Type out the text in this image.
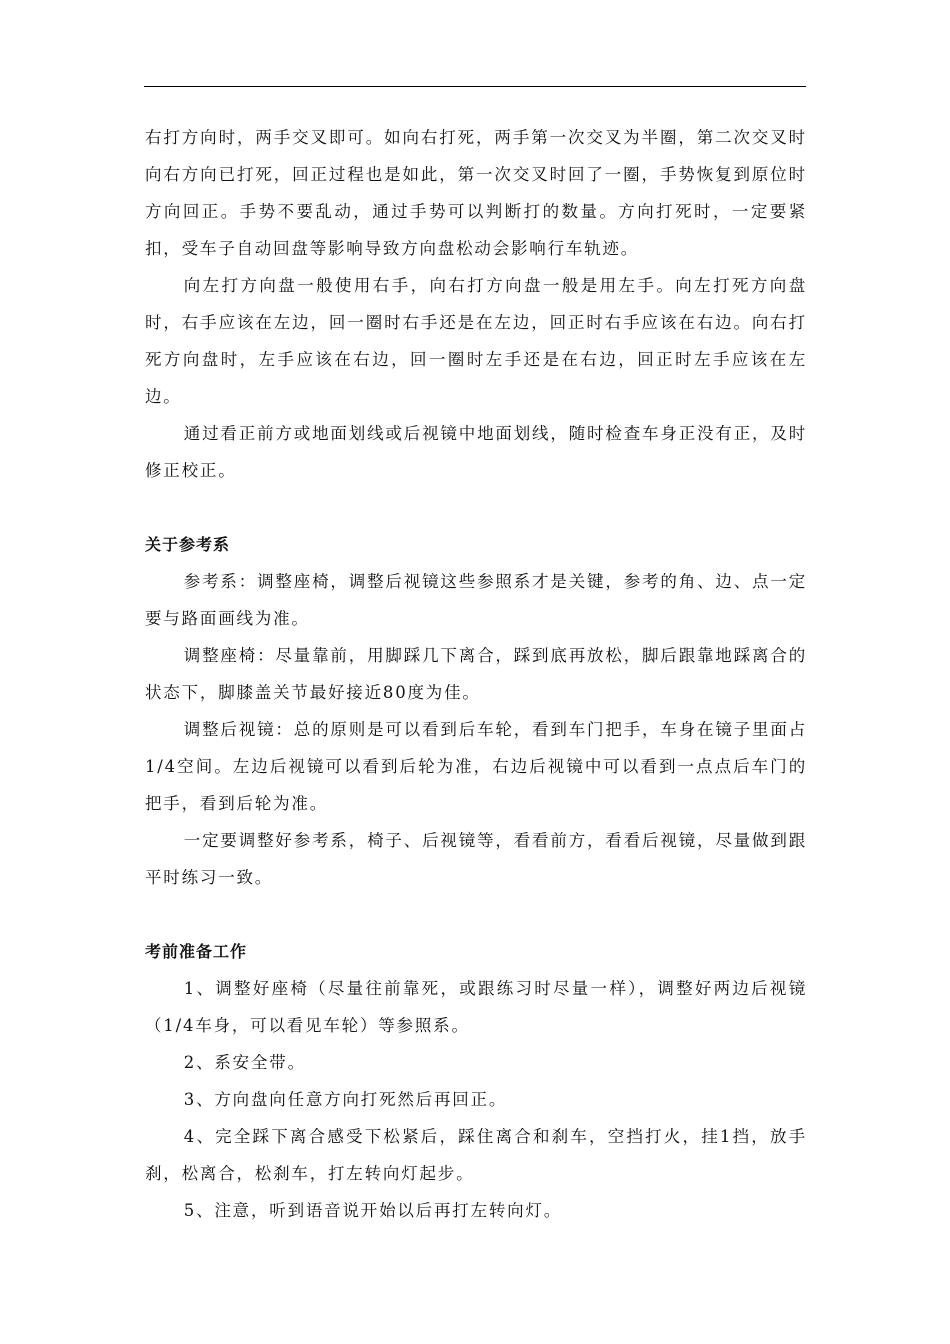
右打方向时，两手交叉即可。如向右打死，两手第一次交叉为半圈，第二次交叉时向右方向已打死，回正过程也是如此，第一次交叉时回了一圈，手势恢复到原位时方向回正。手势不要乱动，通过手势可以判断打的数量。方向打死时，一定要紧扣，受车子自动回盘等影响导致方向盘松动会影响行车轨迹。

向左打方向盘一般使用右手，向右打方向盘一般是用左手。向左打死方向盘时，右手应该在左边，回一圈时右手还是在左边，回正时右手应该在右边。向右打死方向盘时，左手应该在右边，回一圈时左手还是在右边，回正时左手应该在左边。

通过看正前方或地面划线或后视镜中地面划线，随时检查车身正没有正，及时修正校正。

关于参考系

参考系：调整座椅，调整后视镜这些参照系才是关键，参考的角、边、点一定要与路面画线为准。

调整座椅：尽量靠前，用脚踩几下离合，踩到底再放松，脚后跟靠地踩离合的状态下，脚膝盖关节最好接近80度为佳。

调整后视镜：总的原则是可以看到后车轮，看到车门把手，车身在镜子里面占1/4空间。左边后视镜可以看到后轮为准，右边后视镜中可以看到一点点后车门的把手，看到后轮为准。

一定要调整好参考系，椅子、后视镜等，看看前方，看看后视镜，尽量做到跟平时练习一致。

考前准备工作

1、调整好座椅（尽量往前靠死，或跟练习时尽量一样），调整好两边后视镜（1/4车身，可以看见车轮）等参照系。

2、系安全带。

3、方向盘向任意方向打死然后再回正。

4、完全踩下离合感受下松紧后，踩住离合和刹车，空挡打火，挂1挡，放手刹，松离合，松刹车，打左转向灯起步。

5、注意，听到语音说开始以后再打左转向灯。
